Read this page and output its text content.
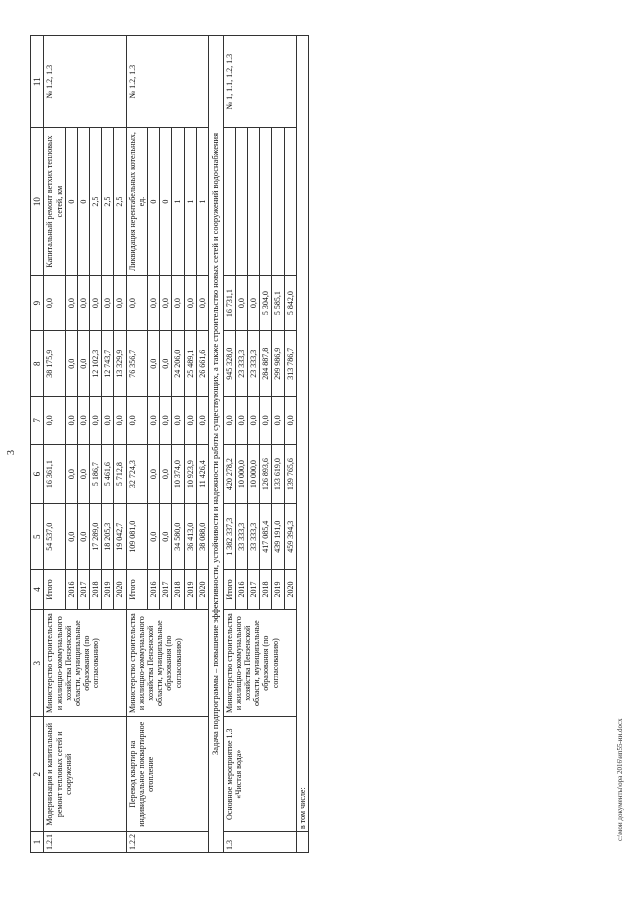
3
1	2	3	4	5	6	7	8	9	10	11
1.2.1	Модернизация и капитальный ремонт тепловых сетей и сооружений	Министерство строительства и жилищно-коммунального хозяйства Пензенской области, муниципальные образования (по согласованию)	Итого	54 537,0	16 361,1	0,0	38 175,9	0,0	Капитальный ремонт ветхих тепловых сетей, км	№ 1.2, 1.3
			2016	0,0	0,0	0,0	0,0	0,0	0	
			2017	0,0	0,0	0,0	0,0	0,0	0	
			2018	17 289,0	5 186,7	0,0	12 102,3	0,0	2,5	
			2019	18 205,3	5 461,6	0,0	12 743,7	0,0	2,5	
			2020	19 042,7	5 712,8	0,0	13 329,9	0,0	2,5	
1.2.2	Перевод квартир на индивидуальное поквартирное отопление	Министерство строительства и жилищно-коммунального хозяйства Пензенской области, муниципальные образования (по согласованию)	Итого	109 081,0	32 724,3	0,0	76 356,7	0,0	Ликвидация нерентабельных котельных, ед.	№ 1.2, 1.3
			2016	0,0	0,0	0,0	0,0	0,0	0	
			2017	0,0	0,0	0,0	0,0	0,0	0	
			2018	34 580,0	10 374,0	0,0	24 206,0	0,0	1	
			2019	36 413,0	10 923,9	0,0	25 489,1	0,0	1	
			2020	38 088,0	11 426,4	0,0	26 661,6	0,0	1	
Задача подпрограммы – повышение эффективности, устойчивости и надежности работы существующих, а также строительство новых сетей и сооружений водоснабжения										
1.3	Основное мероприятие 1.3 «Чистая вода»	Министерство строительства и жилищно-коммунального хозяйства Пензенской области, муниципальные образования (по согласованию)	Итого	1 382 337,3	420 278,2	0,0	945 328,0	16 731,1		№ 1, 1.1, 1.2, 1.3
			2016	33 333,3	10 000,0	0,0	23 333,3	0,0		
			2017	33 333,3	10 000,0	0,0	23 333,3	0,0		
			2018	417 085,4	126 893,6	0,0	284 887,8	5 304,0		
			2019	439 191,0	133 619,0	0,0	299 986,9	5 585,1		
			2020	459 394,3	139 765,6	0,0	313 786,7	5 842,0		
	в том числе:										c:\мои документы\ора 2016\ип55-ии.docx
